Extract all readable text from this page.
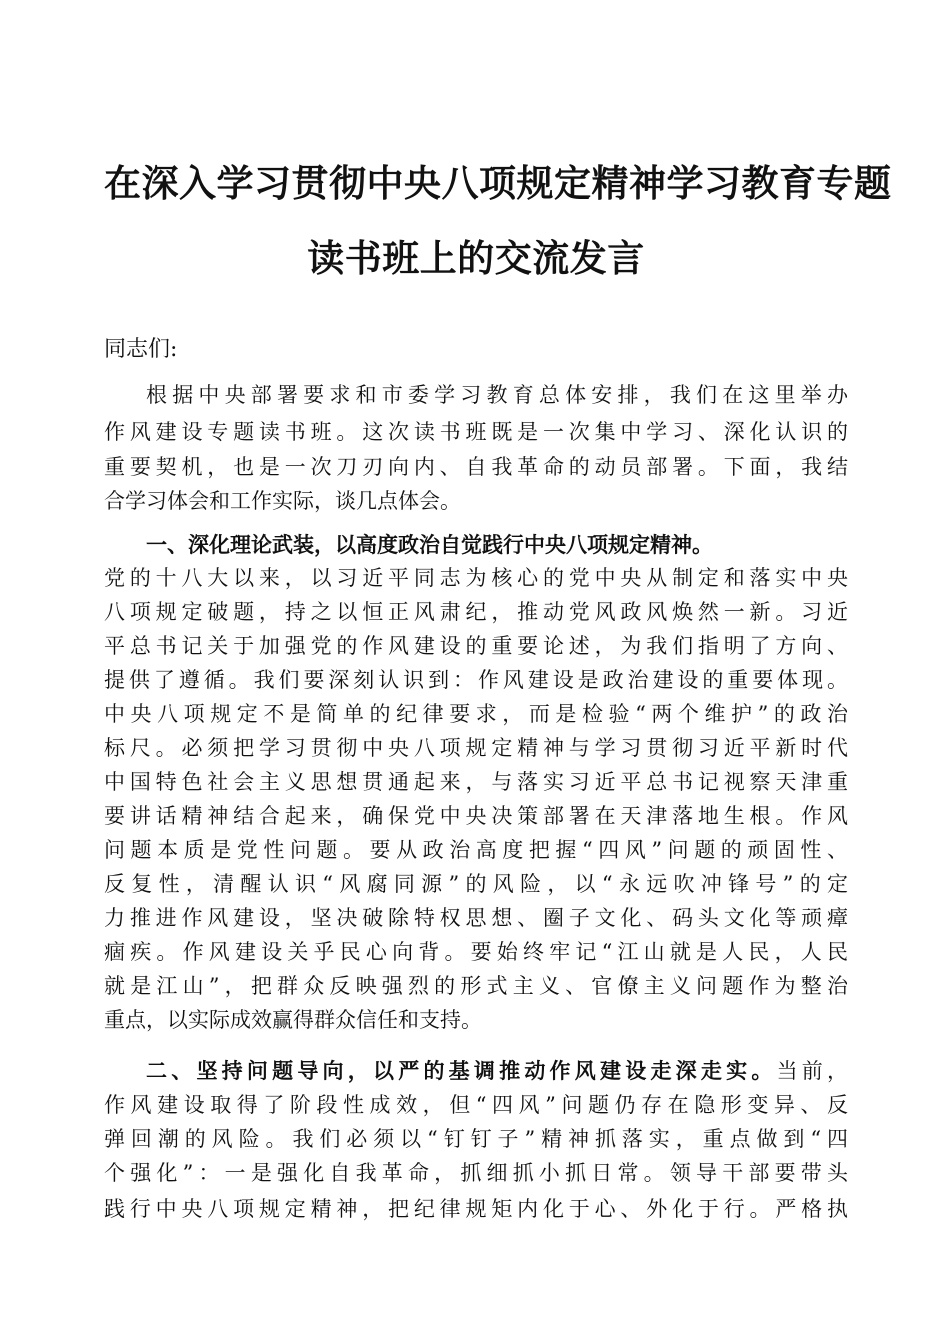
在深入学习贯彻中央八项规定精神学习教育专题
读书班上的交流发言
同志们:
根据中央部署要求和市委学习教育总体安排，我们在这里举办
作风建设专题读书班。这次读书班既是一次集中学习、深化认识的
重要契机，也是一次刀刃向内、自我革命的动员部署。下面，我结
合学习体会和工作实际，谈几点体会。
一、深化理论武装，以高度政治自觉践行中央八项规定精神。
党的十八大以来，以习近平同志为核心的党中央从制定和落实中央
八项规定破题，持之以恒正风肃纪，推动党风政风焕然一新。习近
平总书记关于加强党的作风建设的重要论述，为我们指明了方向、
提供了遵循。我们要深刻认识到：作风建设是政治建设的重要体现。
中央八项规定不是简单的纪律要求，而是检验“两个维护”的政治
标尺。必须把学习贯彻中央八项规定精神与学习贯彻习近平新时代
中国特色社会主义思想贯通起来，与落实习近平总书记视察天津重
要讲话精神结合起来，确保党中央决策部署在天津落地生根。作风
问题本质是党性问题。要从政治高度把握“四风”问题的顽固性、
反复性，清醒认识“风腐同源”的风险，以“永远吹冲锋号”的定
力推进作风建设，坚决破除特权思想、圈子文化、码头文化等顽瘴
痼疾。作风建设关乎民心向背。要始终牢记“江山就是人民，人民
就是江山”，把群众反映强烈的形式主义、官僚主义问题作为整治
重点，以实际成效赢得群众信任和支持。
二、坚持问题导向，以严的基调推动作风建设走深走实。当前，
作风建设取得了阶段性成效，但“四风”问题仍存在隐形变异、反
弹回潮的风险。我们必须以“钉钉子”精神抓落实，重点做到“四
个强化”：一是强化自我革命，抓细抓小抓日常。领导干部要带头
践行中央八项规定精神，把纪律规矩内化于心、外化于行。严格执
